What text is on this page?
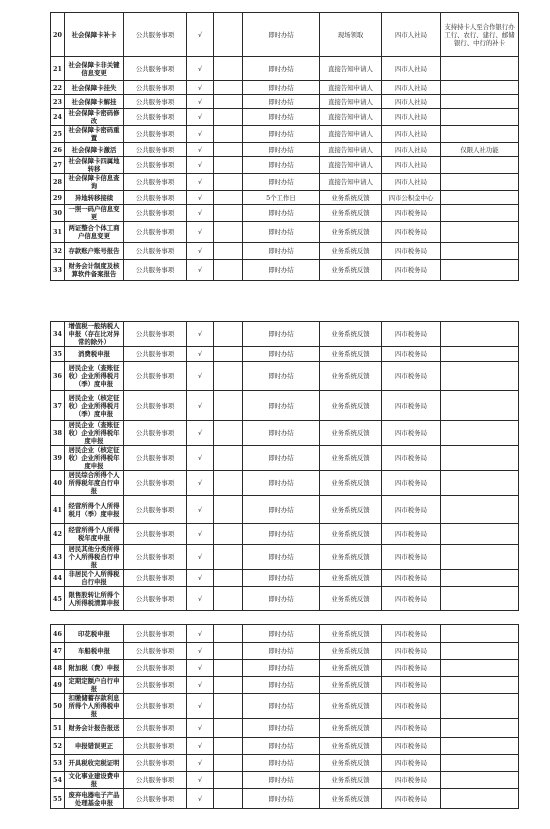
20	社会保障卡补卡	公共服务事项	√		即时办结	现场领取	四市人社局	支持持卡人至合作银行办工行、农行、建行、邮储银行、中行的补卡
21	社会保障卡非关键信息变更	公共服务事项	√		即时办结	直接告知申请人	四市人社局	
22	社会保障卡挂失	公共服务事项	√		即时办结	直接告知申请人	四市人社局	
23	社会保障卡解挂	公共服务事项	√		即时办结	直接告知申请人	四市人社局	
24	社会保障卡密码修改	公共服务事项	√		即时办结	直接告知申请人	四市人社局	
25	社会保障卡密码重置	公共服务事项	√		即时办结	直接告知申请人	四市人社局	
26	社会保障卡激活	公共服务事项	√		即时办结	直接告知申请人	四市人社局	仅限人社功能
27	社会保障卡四属地转移	公共服务事项	√		即时办结	直接告知申请人	四市人社局	
28	社会保障卡信息查询	公共服务事项	√		即时办结	直接告知申请人	四市人社局	
29	异地转移接续	公共服务事项	√		5个工作日	业务系统反馈	四市公积金中心	
30	一照一码户信息变更	公共服务事项	√		即时办结	业务系统反馈	四市税务局	
31	两证整合个体工商户信息变更	公共服务事项	√		即时办结	业务系统反馈	四市税务局	
32	存款账户账号报告	公共服务事项	√		即时办结	业务系统反馈	四市税务局	
33	财务会计制度及核算软件备案报告	公共服务事项	√		即时办结	业务系统反馈	四市税务局	
34	增值税一般纳税人申报（存在比对异常的除外）	公共服务事项	√		即时办结	业务系统反馈	四市税务局	
35	消费税申报	公共服务事项	√		即时办结	业务系统反馈	四市税务局	
36	居民企业（查账征收）企业所得税月（季）度申报	公共服务事项	√		即时办结	业务系统反馈	四市税务局	
37	居民企业（核定征收）企业所得税月（季）度申报	公共服务事项	√		即时办结	业务系统反馈	四市税务局	
38	居民企业（查账征收）企业所得税年度申报	公共服务事项	√		即时办结	业务系统反馈	四市税务局	
39	居民企业（核定征收）企业所得税年度申报	公共服务事项	√		即时办结	业务系统反馈	四市税务局	
40	居民综合所得个人所得税年度自行申报	公共服务事项	√		即时办结	业务系统反馈	四市税务局	
41	经营所得个人所得税月（季）度申报	公共服务事项	√		即时办结	业务系统反馈	四市税务局	
42	经营所得个人所得税年度申报	公共服务事项	√		即时办结	业务系统反馈	四市税务局	
43	居民其他分类所得个人所得税自行申报	公共服务事项	√		即时办结	业务系统反馈	四市税务局	
44	非居民个人所得税自行申报	公共服务事项	√		即时办结	业务系统反馈	四市税务局	
45	限售股转让所得个人所得税清算申报	公共服务事项	√		即时办结	业务系统反馈	四市税务局	
46	印花税申报	公共服务事项	√		即时办结	业务系统反馈	四市税务局	
47	车船税申报	公共服务事项	√		即时办结	业务系统反馈	四市税务局	
48	附加税（费）申报	公共服务事项	√		即时办结	业务系统反馈	四市税务局	
49	定期定额户自行申报	公共服务事项	√		即时办结	业务系统反馈	四市税务局	
50	扣缴储蓄存款利息所得个人所得税申报	公共服务事项	√		即时办结	业务系统反馈	四市税务局	
51	财务会计报告报送	公共服务事项	√		即时办结	业务系统反馈	四市税务局	
52	申报错误更正	公共服务事项	√		即时办结	业务系统反馈	四市税务局	
53	开具税收完税证明	公共服务事项	√		即时办结	业务系统反馈	四市税务局	
54	文化事业建设费申报	公共服务事项	√		即时办结	业务系统反馈	四市税务局	
55	废弃电器电子产品处理基金申报	公共服务事项	√		即时办结	业务系统反馈	四市税务局	
